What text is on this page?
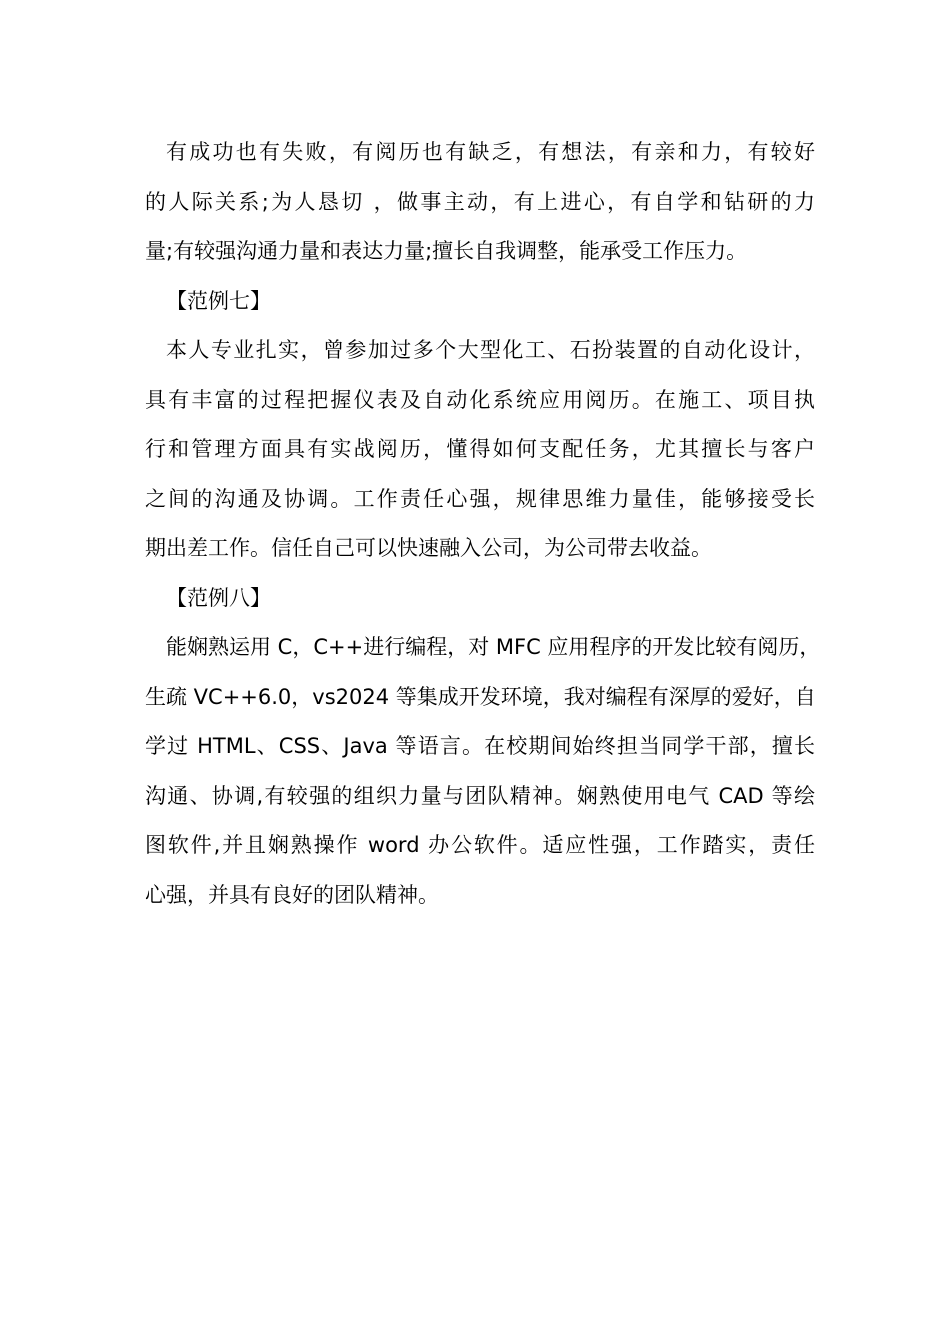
有成功也有失败，有阅历也有缺乏，有想法，有亲和力，有较好
的人际关系;为人恳切 ，做事主动，有上进心，有自学和钻研的力
量;有较强沟通力量和表达力量;擅长自我调整，能承受工作压力。
【范例七】
本人专业扎实，曾参加过多个大型化工、石扮装置的自动化设计，
具有丰富的过程把握仪表及自动化系统应用阅历。在施工、项目执
行和管理方面具有实战阅历，懂得如何支配任务，尤其擅长与客户
之间的沟通及协调。工作责任心强，规律思维力量佳，能够接受长
期出差工作。信任自己可以快速融入公司，为公司带去收益。
【范例八】
能娴熟运用 C，C++进行编程，对 MFC 应用程序的开发比较有阅历，
生疏 VC++6.0，vs2024 等集成开发环境，我对编程有深厚的爱好，自
学过 HTML、CSS、Java 等语言。在校期间始终担当同学干部，擅长
沟通、协调,有较强的组织力量与团队精神。娴熟使用电气 CAD 等绘
图软件,并且娴熟操作 word 办公软件。适应性强，工作踏实，责任
心强，并具有良好的团队精神。
